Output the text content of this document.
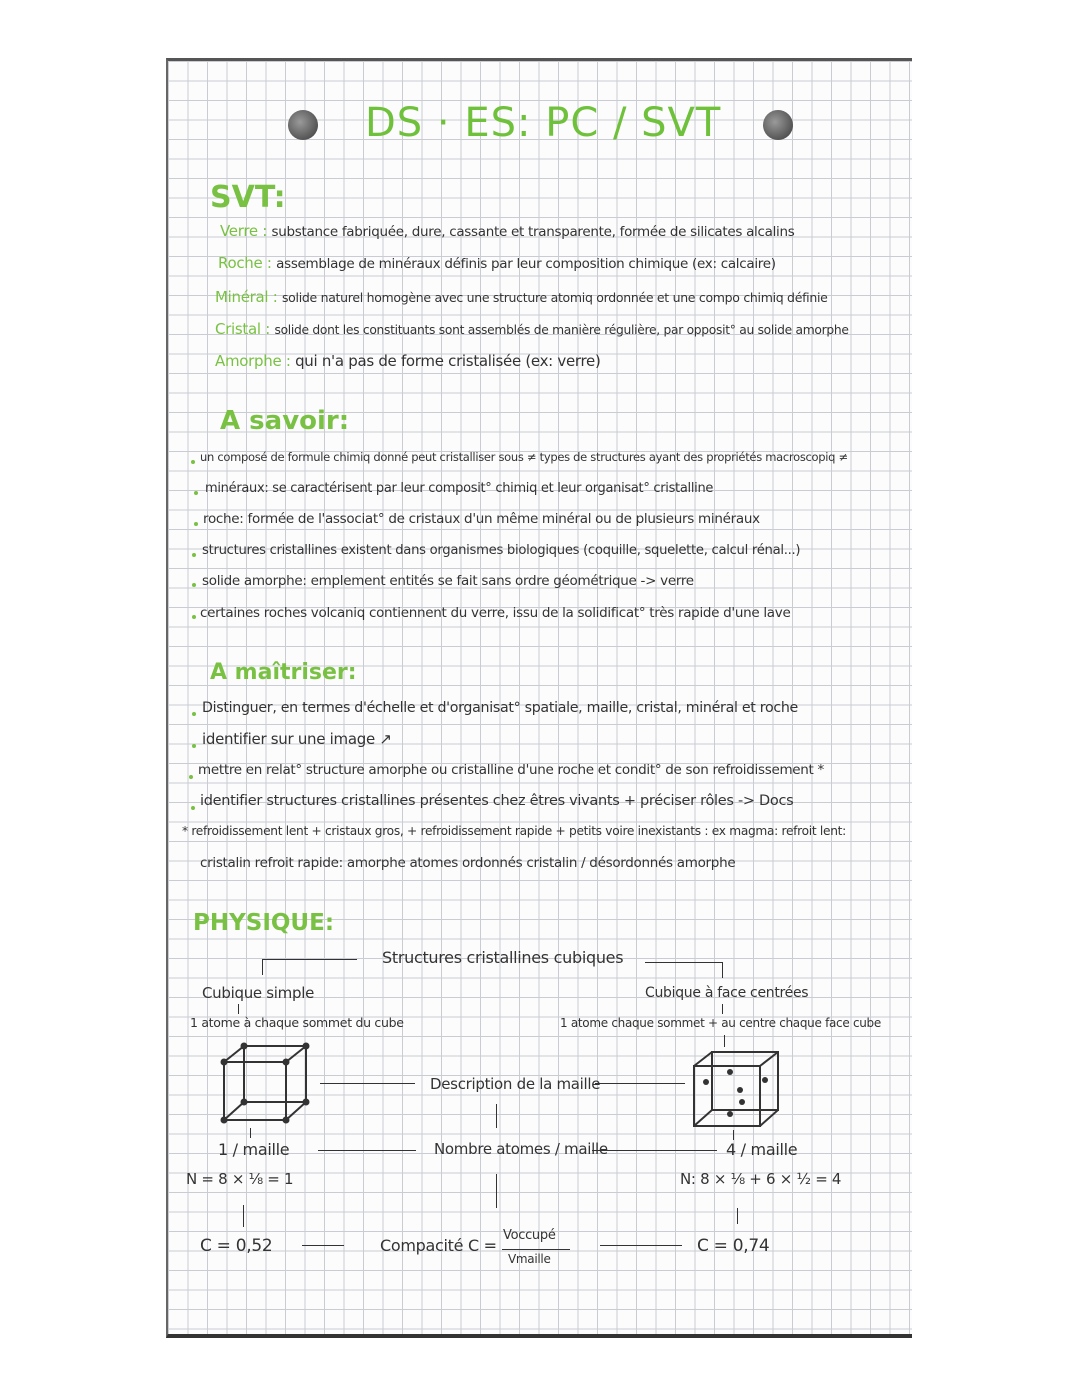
DS · ES: PC / SVT
SVT:
Verre : substance fabriquée, dure, cassante et transparente, formée de silicates alcalins
Roche : assemblage de minéraux définis par leur composition chimique (ex: calcaire)
Minéral : solide naturel homogène avec une structure atomiq ordonnée et une compo chimiq définie
Cristal : solide dont les constituants sont assemblés de manière régulière, par opposit° au solide amorphe
Amorphe : qui n'a pas de forme cristalisée (ex: verre)
A savoir:
un composé de formule chimiq donné peut cristalliser sous ≠ types de structures ayant des propriétés macroscopiq ≠
minéraux: se caractérisent par leur composit° chimiq et leur organisat° cristalline
roche: formée de l'associat° de cristaux d'un même minéral ou de plusieurs minéraux
structures cristallines existent dans organismes biologiques (coquille, squelette, calcul rénal...)
solide amorphe: emplement entités se fait sans ordre géométrique -> verre
certaines roches volcaniq contiennent du verre, issu de la solidificat° très rapide d'une lave
A maîtriser:
Distinguer, en termes d'échelle et d'organisat° spatiale, maille, cristal, minéral et roche
identifier sur une image ↗
mettre en relat° structure amorphe ou cristalline d'une roche et condit° de son refroidissement *
identifier structures cristallines présentes chez êtres vivants + préciser rôles -> Docs
* refroidissement lent + cristaux gros, + refroidissement rapide + petits voire inexistants : ex magma: refroit lent:
cristalin refroit rapide: amorphe atomes ordonnés cristalin / désordonnés amorphe
PHYSIQUE:
Structures cristallines cubiques
Cubique simple
1 atome à chaque sommet du cube
1 / maille
N = 8 × ⅛ = 1
C = 0,52
Description de la maille
Nombre atomes / maille
Compacité C =
Voccupé
Vmaille
Cubique à face centrées
1 atome chaque sommet + au centre chaque face cube
4 / maille
N: 8 × ⅛ + 6 × ½ = 4
C = 0,74
